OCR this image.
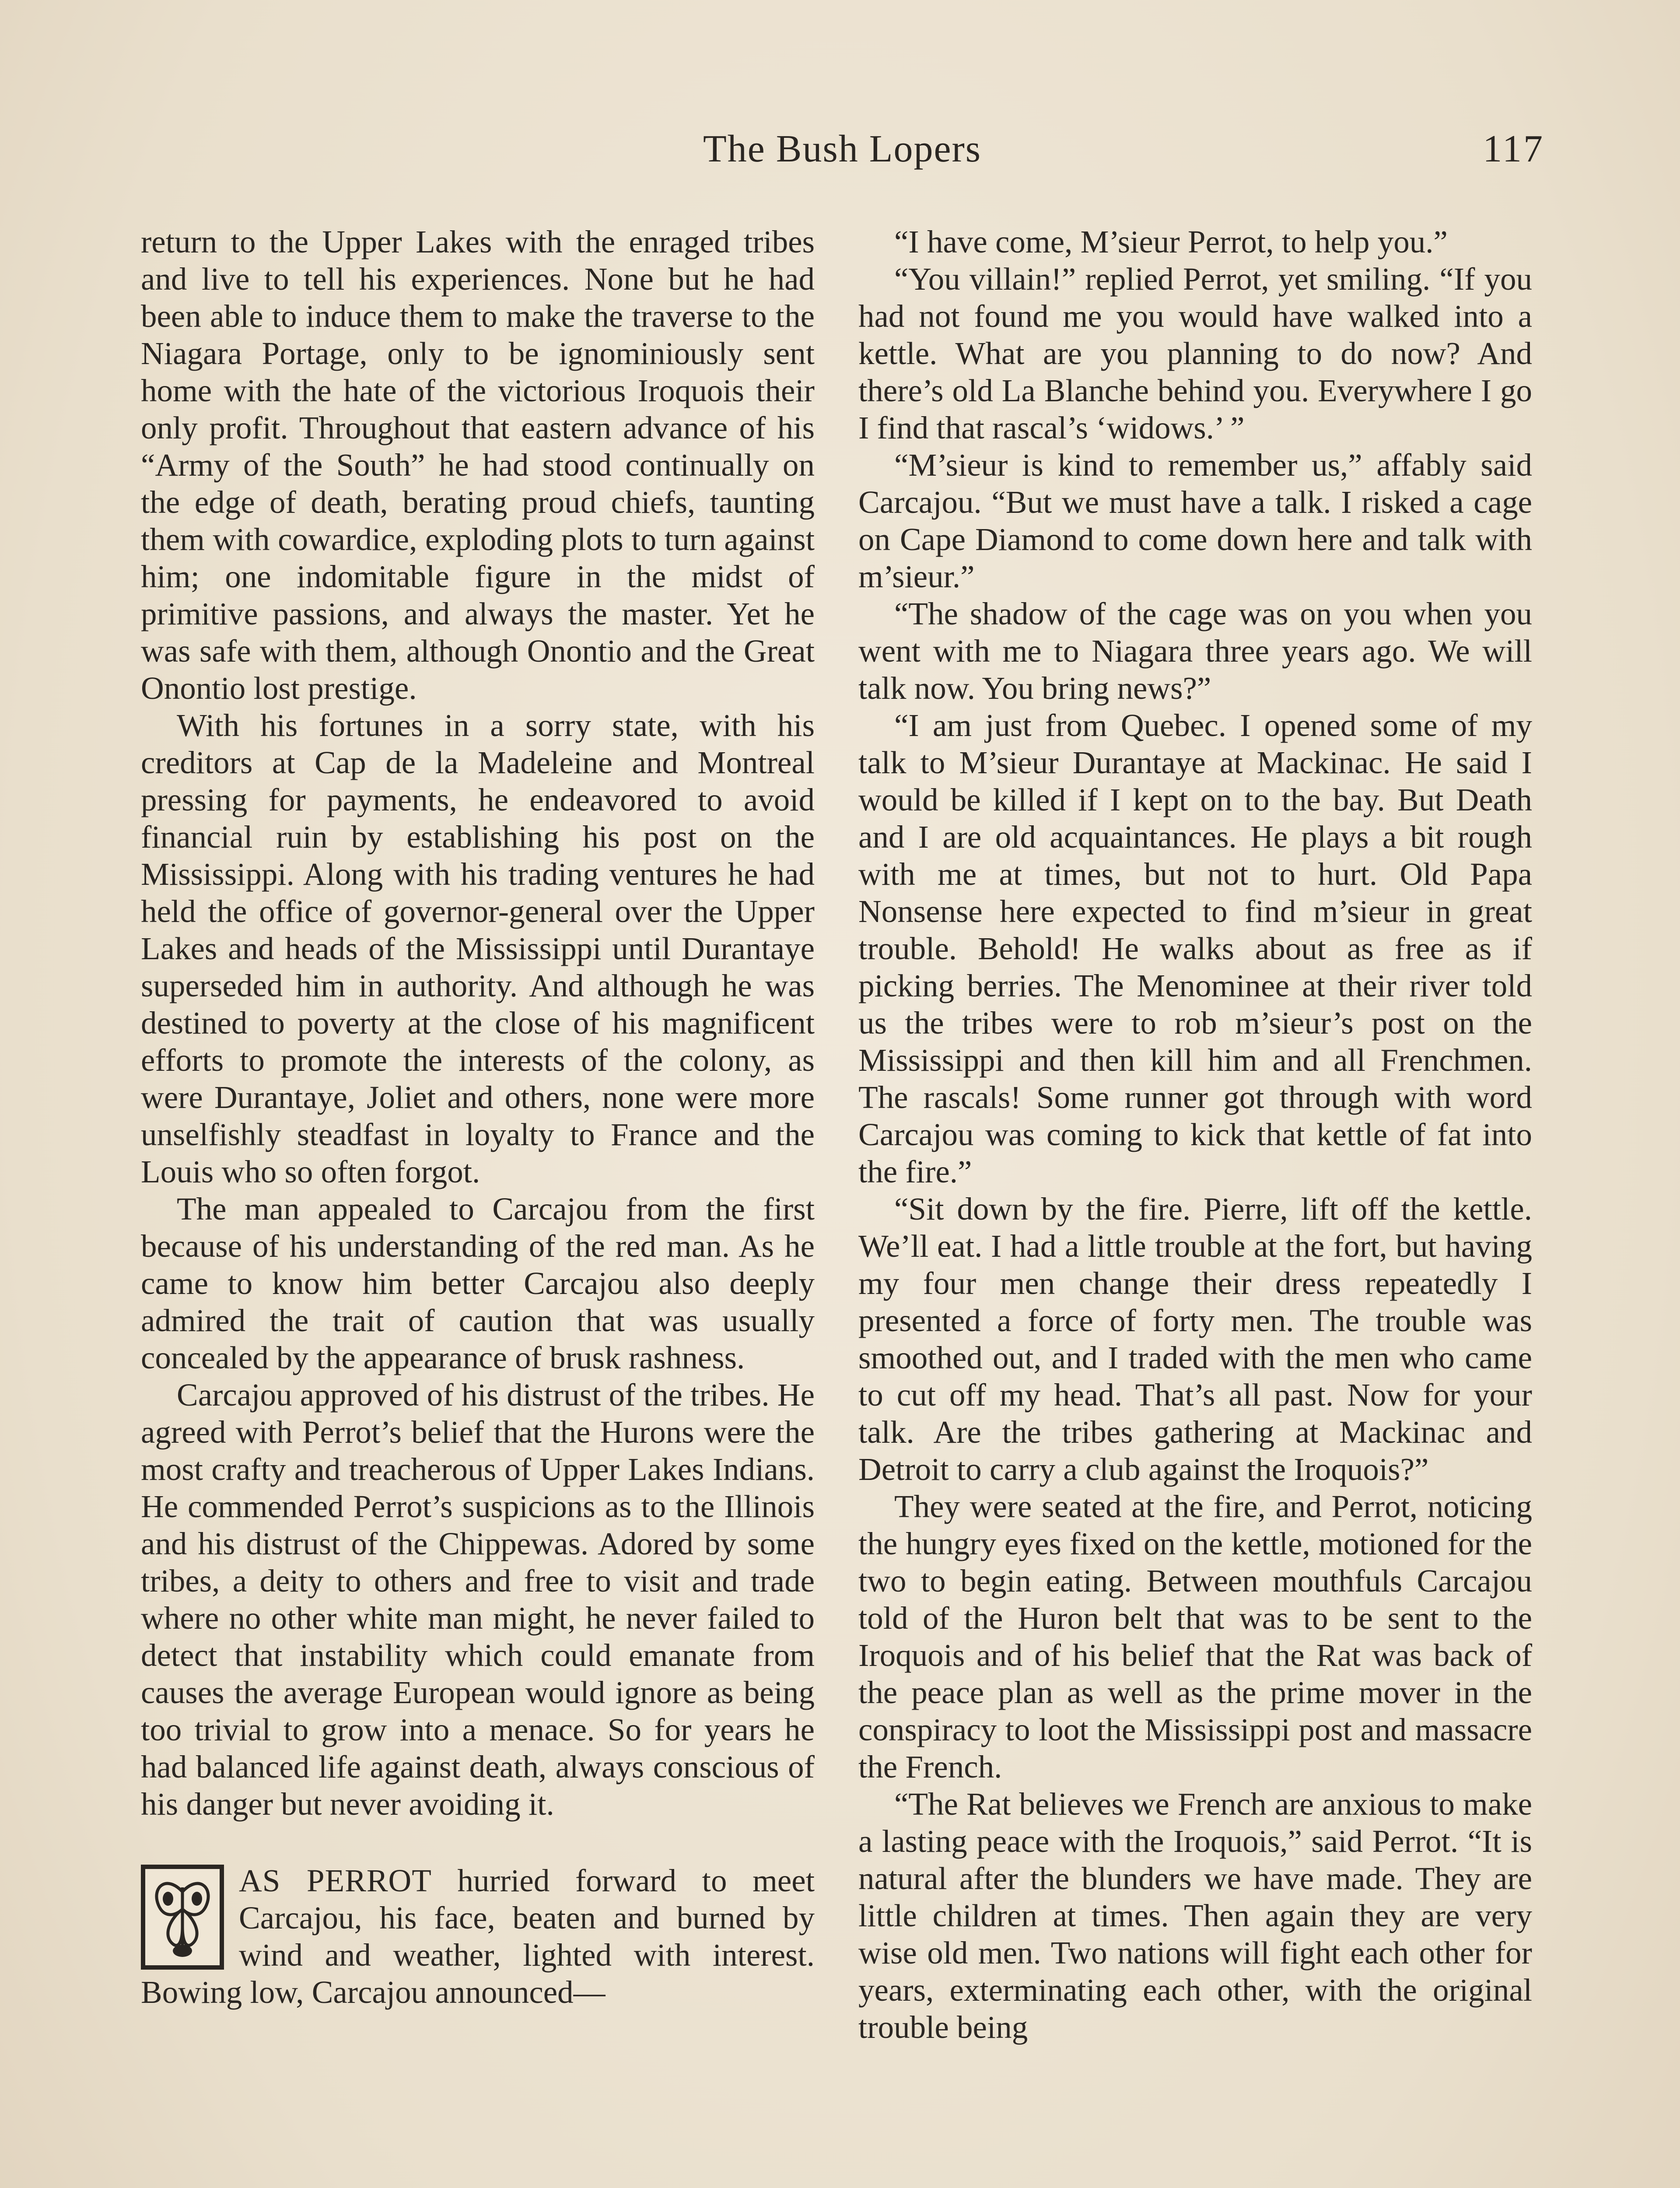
The Bush Lopers	117

return to the Upper Lakes with the enraged tribes and live to tell his experiences. None but he had been able to induce them to make the traverse to the Niagara Portage, only to be ignominiously sent home with the hate of the victorious Iroquois their only profit. Throughout that eastern advance of his “Army of the South” he had stood continually on the edge of death, berating proud chiefs, taunting them with cowardice, exploding plots to turn against him; one indomitable figure in the midst of primitive passions, and always the master. Yet he was safe with them, although Onontio and the Great Onontio lost prestige.

With his fortunes in a sorry state, with his creditors at Cap de la Madeleine and Montreal pressing for payments, he endeavored to avoid financial ruin by establishing his post on the Mississippi. Along with his trading ventures he had held the office of governor-general over the Upper Lakes and heads of the Mississippi until Durantaye superseded him in authority. And although he was destined to poverty at the close of his magnificent efforts to promote the interests of the colony, as were Durantaye, Joliet and others, none were more unselfishly steadfast in loyalty to France and the Louis who so often forgot.

The man appealed to Carcajou from the first because of his understanding of the red man. As he came to know him better Carcajou also deeply admired the trait of caution that was usually concealed by the appearance of brusk rashness.

Carcajou approved of his distrust of the tribes. He agreed with Perrot’s belief that the Hurons were the most crafty and treacherous of Upper Lakes Indians. He commended Perrot’s suspicions as to the Illinois and his distrust of the Chippewas. Adored by some tribes, a deity to others and free to visit and trade where no other white man might, he never failed to detect that instability which could emanate from causes the average European would ignore as being too trivial to grow into a menace. So for years he had balanced life against death, always conscious of his danger but never avoiding it.

AS PERROT hurried forward to meet Carcajou, his face, beaten and burned by wind and weather, lighted with interest. Bowing low, Carcajou announced—

“I have come, M’sieur Perrot, to help you.”

“You villain!” replied Perrot, yet smiling. “If you had not found me you would have walked into a kettle. What are you planning to do now? And there’s old La Blanche behind you. Everywhere I go I find that rascal’s ‘widows.’ ”

“M’sieur is kind to remember us,” affably said Carcajou. “But we must have a talk. I risked a cage on Cape Diamond to come down here and talk with m’sieur.”

“The shadow of the cage was on you when you went with me to Niagara three years ago. We will talk now. You bring news?”

“I am just from Quebec. I opened some of my talk to M’sieur Durantaye at Mackinac. He said I would be killed if I kept on to the bay. But Death and I are old acquaintances. He plays a bit rough with me at times, but not to hurt. Old Papa Nonsense here expected to find m’sieur in great trouble. Behold! He walks about as free as if picking berries. The Menominee at their river told us the tribes were to rob m’sieur’s post on the Mississippi and then kill him and all Frenchmen. The rascals! Some runner got through with word Carcajou was coming to kick that kettle of fat into the fire.”

“Sit down by the fire. Pierre, lift off the kettle. We’ll eat. I had a little trouble at the fort, but having my four men change their dress repeatedly I presented a force of forty men. The trouble was smoothed out, and I traded with the men who came to cut off my head. That’s all past. Now for your talk. Are the tribes gathering at Mackinac and Detroit to carry a club against the Iroquois?”

They were seated at the fire, and Perrot, noticing the hungry eyes fixed on the kettle, motioned for the two to begin eating. Between mouthfuls Carcajou told of the Huron belt that was to be sent to the Iroquois and of his belief that the Rat was back of the peace plan as well as the prime mover in the conspiracy to loot the Mississippi post and massacre the French.

“The Rat believes we French are anxious to make a lasting peace with the Iroquois,” said Perrot. “It is natural after the blunders we have made. They are little children at times. Then again they are very wise old men. Two nations will fight each other for years, exterminating each other, with the original trouble being
